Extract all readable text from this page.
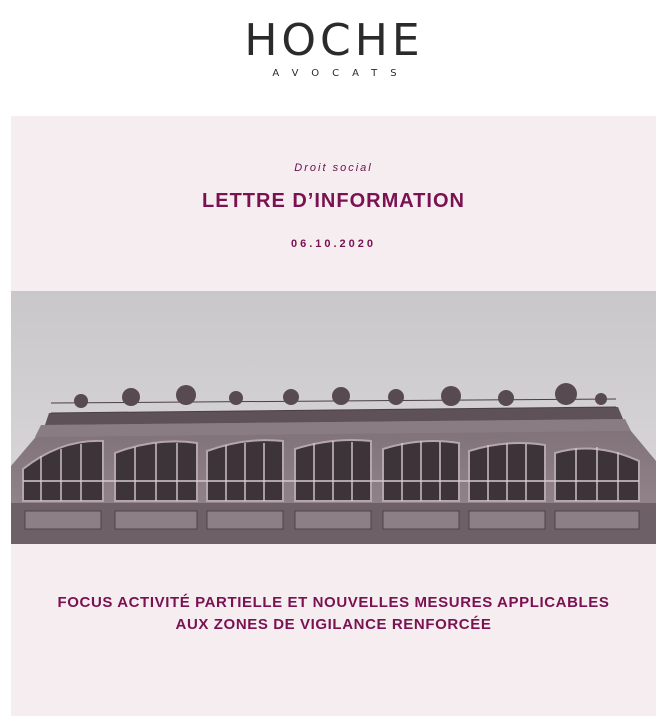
HOCHE
AVOCATS
Droit social
LETTRE D’INFORMATION
06.10.2020
FOCUS ACTIVITÉ PARTIELLE ET NOUVELLES MESURES APPLICABLES
AUX ZONES DE VIGILANCE RENFORCÉE
